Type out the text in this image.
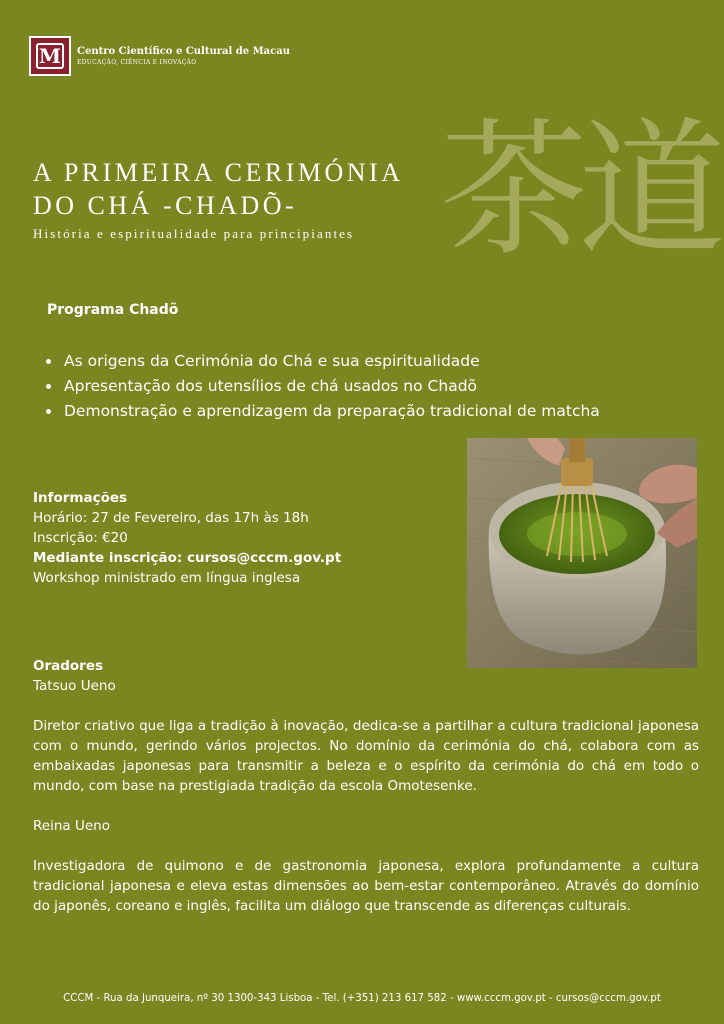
M	Centro Científico e Cultural de Macau
EDUCAÇÃO, CIÊNCIA E INOVAÇÃO
茶道
A PRIMEIRA CERIMÓNIA
DO CHÁ -CHADÕ-
História e espiritualidade para principiantes
Programa Chadõ
• As origens da Cerimónia do Chá e sua espiritualidade
• Apresentação dos utensílios de chá usados no Chadõ
• Demonstração e aprendizagem da preparação tradicional de matcha
Informações
Horário: 27 de Fevereiro, das 17h às 18h
Inscrição: €20
Mediante inscrição: cursos@cccm.gov.pt
Workshop ministrado em língua inglesa
Oradores
Tatsuo Ueno

Diretor criativo que liga a tradição à inovação, dedica-se a partilhar a cultura tradicional japonesa com o mundo, gerindo vários projectos. No domínio da cerimónia do chá, colabora com as embaixadas japonesas para transmitir a beleza e o espírito da cerimónia do chá em todo o mundo, com base na prestigiada tradição da escola Omotesenke.

Reina Ueno

Investigadora de quimono e de gastronomia japonesa, explora profundamente a cultura tradicional japonesa e eleva estas dimensões ao bem-estar contemporâneo. Através do domínio do japonês, coreano e inglês, facilita um diálogo que transcende as diferenças culturais.

CCCM - Rua da Junqueira, nº 30 1300-343 Lisboa - Tel. (+351) 213 617 582 - www.cccm.gov.pt - cursos@cccm.gov.pt
